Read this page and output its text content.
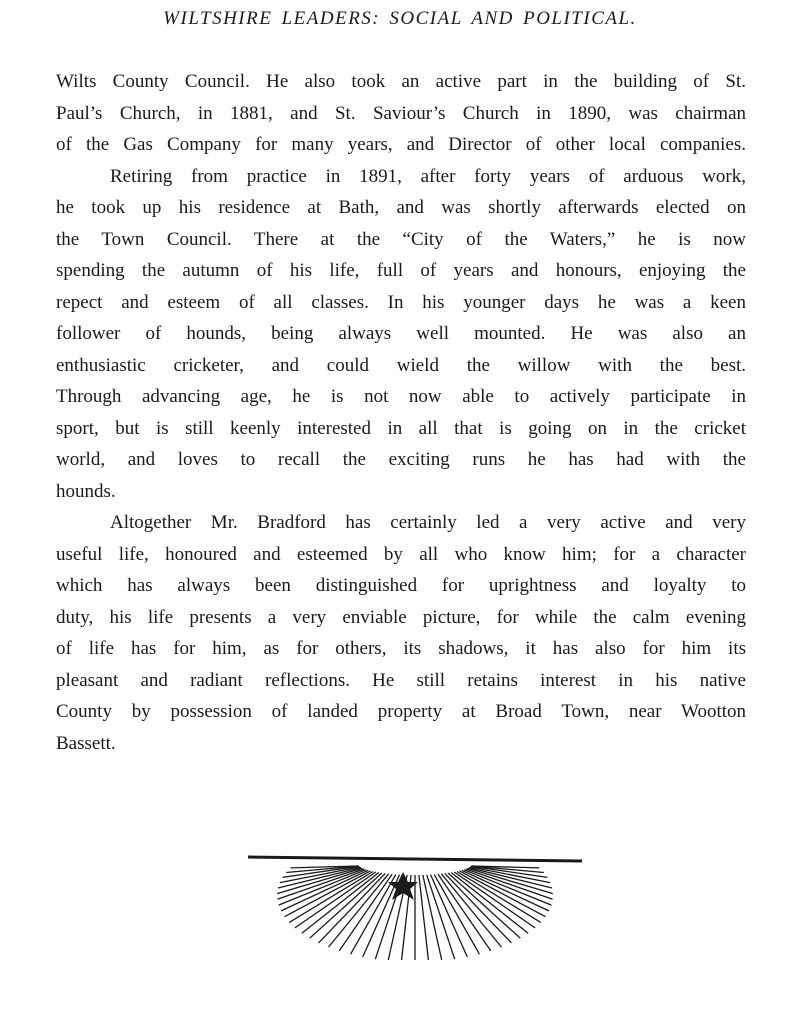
WILTSHIRE LEADERS: SOCIAL AND POLITICAL.
Wilts County Council. He also took an active part in the building of St.
Paul’s Church, in 1881, and St. Saviour’s Church in 1890, was chairman
of the Gas Company for many years, and Director of other local companies.
Retiring from practice in 1891, after forty years of arduous work,
he took up his residence at Bath, and was shortly afterwards elected on
the Town Council. There at the “City of the Waters,” he is now
spending the autumn of his life, full of years and honours, enjoying the
repect and esteem of all classes. In his younger days he was a keen
follower of hounds, being always well mounted. He was also an
enthusiastic cricketer, and could wield the willow with the best.
Through advancing age, he is not now able to actively participate in
sport, but is still keenly interested in all that is going on in the cricket
world, and loves to recall the exciting runs he has had with the
hounds.
Altogether Mr. Bradford has certainly led a very active and very
useful life, honoured and esteemed by all who know him; for a character
which has always been distinguished for uprightness and loyalty to
duty, his life presents a very enviable picture, for while the calm evening
of life has for him, as for others, its shadows, it has also for him its
pleasant and radiant reflections. He still retains interest in his native
County by possession of landed property at Broad Town, near Wootton
Bassett.
